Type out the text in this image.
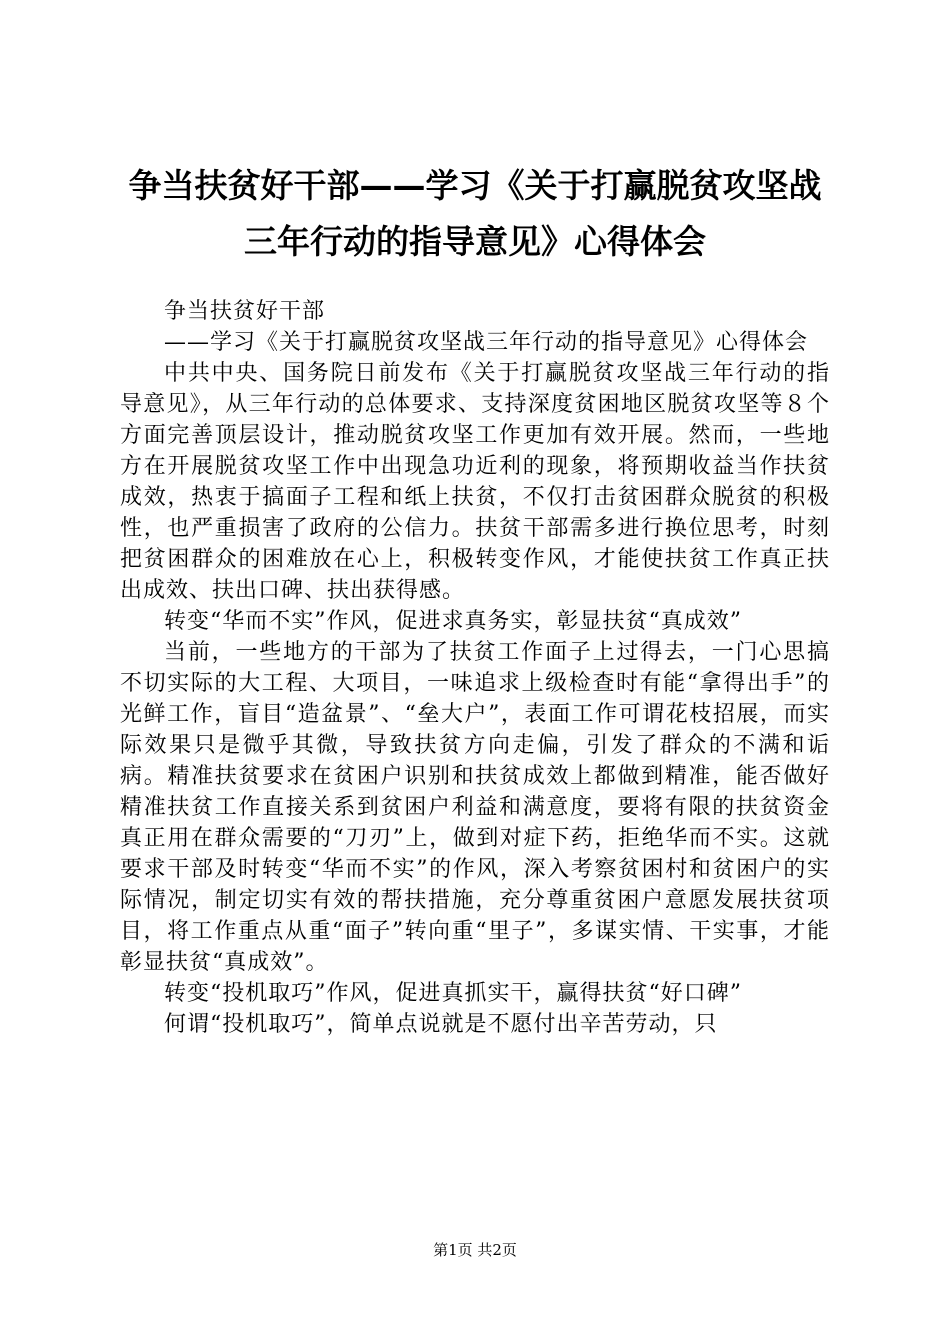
争当扶贫好干部——学习《关于打赢脱贫攻坚战三年行动的指导意见》心得体会

争当扶贫好干部

——学习《关于打赢脱贫攻坚战三年行动的指导意见》心得体会

中共中央、国务院日前发布《关于打赢脱贫攻坚战三年行动的指导意见》，从三年行动的总体要求、支持深度贫困地区脱贫攻坚等８个方面完善顶层设计，推动脱贫攻坚工作更加有效开展。然而，一些地方在开展脱贫攻坚工作中出现急功近利的现象，将预期收益当作扶贫成效，热衷于搞面子工程和纸上扶贫，不仅打击贫困群众脱贫的积极性，也严重损害了政府的公信力。扶贫干部需多进行换位思考，时刻把贫困群众的困难放在心上，积极转变作风，才能使扶贫工作真正扶出成效、扶出口碑、扶出获得感。

转变“华而不实”作风，促进求真务实，彰显扶贫“真成效”

当前，一些地方的干部为了扶贫工作面子上过得去，一门心思搞不切实际的大工程、大项目，一味追求上级检查时有能“拿得出手”的光鲜工作，盲目“造盆景”、“垒大户”，表面工作可谓花枝招展，而实际效果只是微乎其微，导致扶贫方向走偏，引发了群众的不满和诟病。精准扶贫要求在贫困户识别和扶贫成效上都做到精准，能否做好精准扶贫工作直接关系到贫困户利益和满意度，要将有限的扶贫资金真正用在群众需要的“刀刃”上，做到对症下药，拒绝华而不实。这就要求干部及时转变“华而不实”的作风，深入考察贫困村和贫困户的实际情况，制定切实有效的帮扶措施，充分尊重贫困户意愿发展扶贫项目，将工作重点从重“面子”转向重“里子”，多谋实情、干实事，才能彰显扶贫“真成效”。

转变“投机取巧”作风，促进真抓实干，赢得扶贫“好口碑”

何谓“投机取巧”，简单点说就是不愿付出辛苦劳动，只

第1页 共2页
